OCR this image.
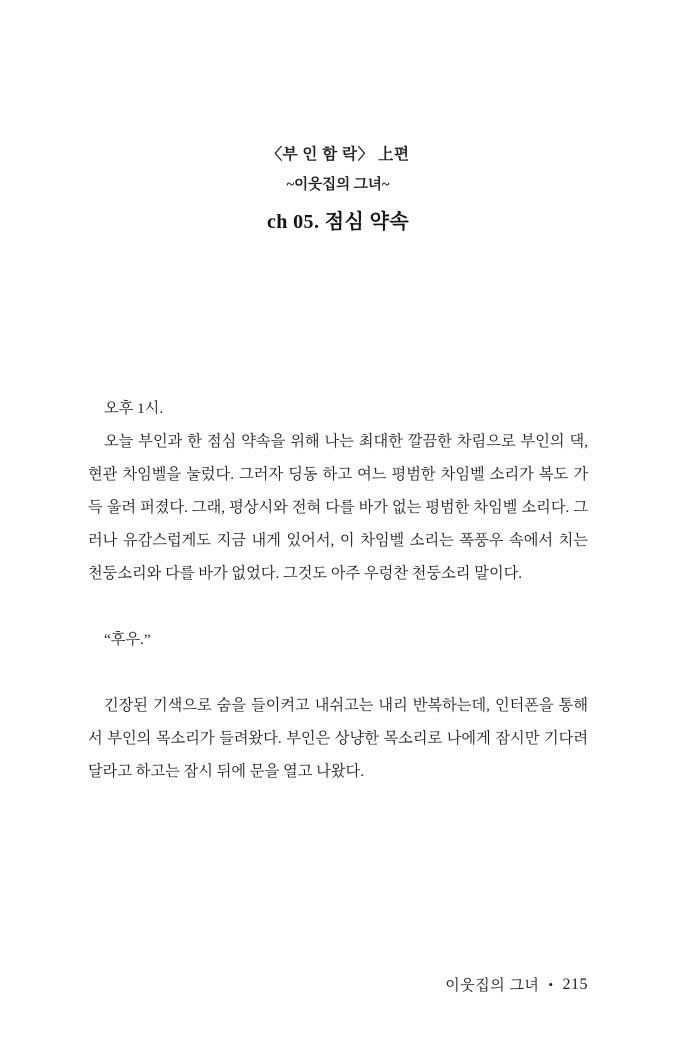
〈부 인 함 락〉 上편
~이웃집의 그녀~
ch 05. 점심 약속

오후 1시.

오늘 부인과 한 점심 약속을 위해 나는 최대한 깔끔한 차림으로 부인의 댁, 현관 차임벨을 눌렀다. 그러자 딩동 하고 여느 평범한 차임벨 소리가 복도 가득 울려 퍼졌다. 그래, 평상시와 전혀 다를 바가 없는 평범한 차임벨 소리다. 그러나 유감스럽게도 지금 내게 있어서, 이 차임벨 소리는 폭풍우 속에서 치는 천둥소리와 다를 바가 없었다. 그것도 아주 우렁찬 천둥소리 말이다.

“후우.”

긴장된 기색으로 숨을 들이켜고 내쉬고는 내리 반복하는데, 인터폰을 통해서 부인의 목소리가 들려왔다. 부인은 상냥한 목소리로 나에게 잠시만 기다려달라고 하고는 잠시 뒤에 문을 열고 나왔다.

이웃집의 그녀 • 215
